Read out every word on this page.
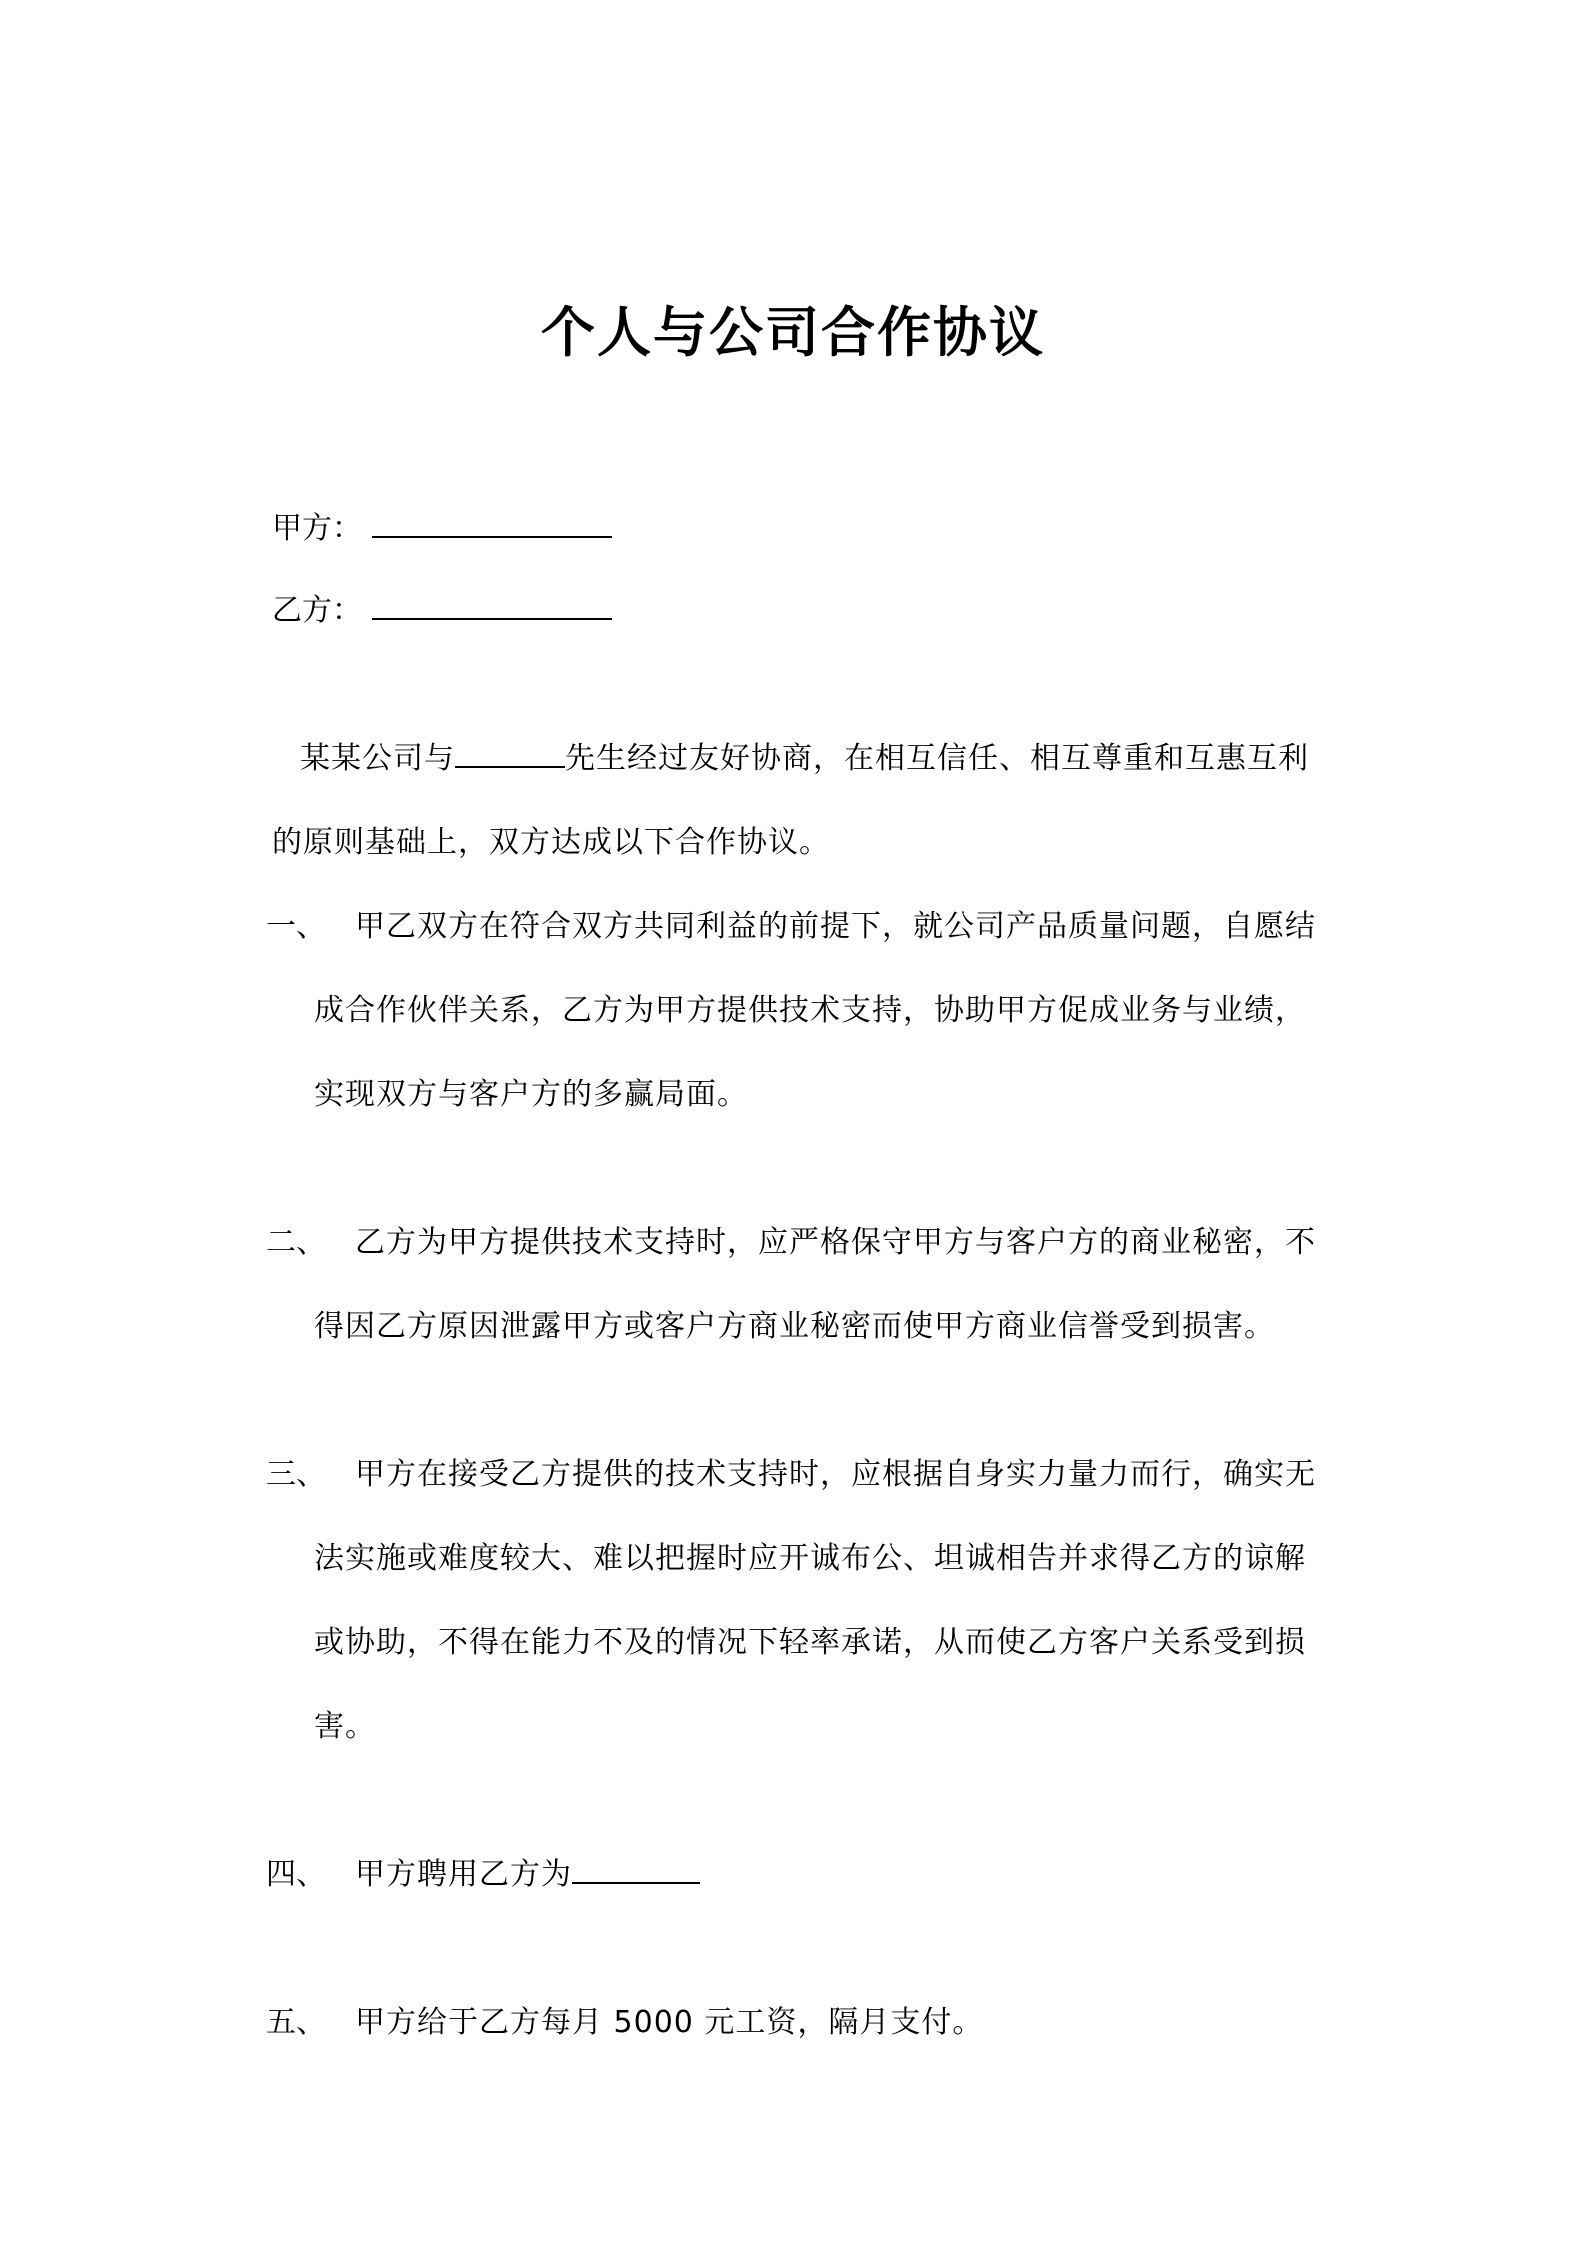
个人与公司合作协议
甲方：
乙方：
某某公司与	先生经过友好协商，在相互信任、相互尊重和互惠互利
的原则基础上，双方达成以下合作协议。
一、 甲乙双方在符合双方共同利益的前提下，就公司产品质量问题，自愿结
成合作伙伴关系，乙方为甲方提供技术支持，协助甲方促成业务与业绩，
实现双方与客户方的多赢局面。
二、 乙方为甲方提供技术支持时，应严格保守甲方与客户方的商业秘密，不
得因乙方原因泄露甲方或客户方商业秘密而使甲方商业信誉受到损害。
三、 甲方在接受乙方提供的技术支持时，应根据自身实力量力而行，确实无
法实施或难度较大、难以把握时应开诚布公、坦诚相告并求得乙方的谅解
或协助，不得在能力不及的情况下轻率承诺，从而使乙方客户关系受到损
害。
四、 甲方聘用乙方为
五、 甲方给于乙方每月 5000 元工资，隔月支付。
